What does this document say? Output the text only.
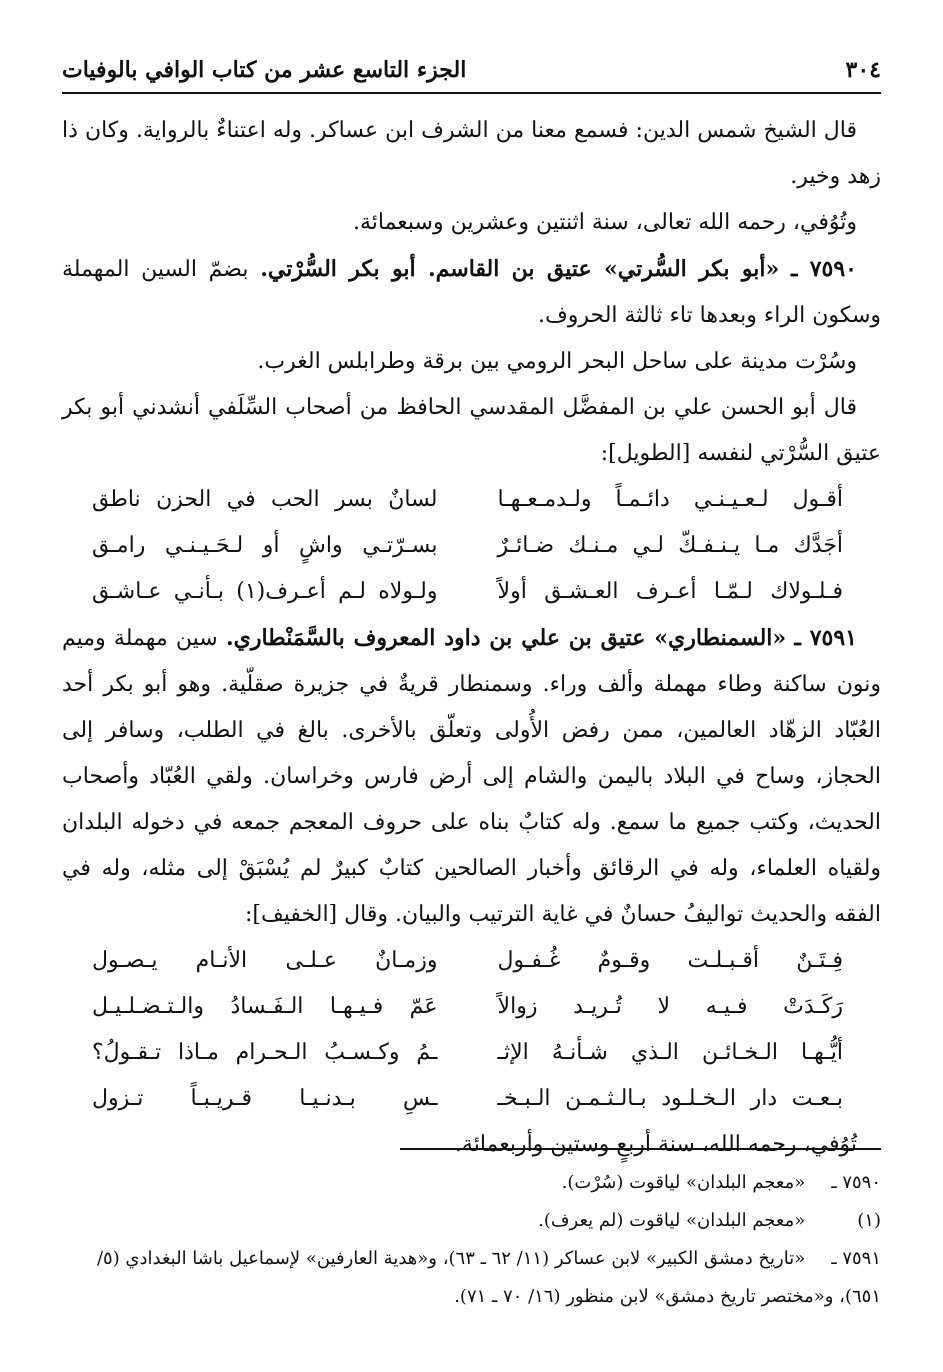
٣٠٤
الجزء التاسع عشر من كتاب الوافي بالوفيات

قال الشيخ شمس الدين: فسمع معنا من الشرف ابن عساكر. وله اعتناءٌ بالرواية. وكان ذا زهد وخير.

وتُوُفي، رحمه الله تعالى، سنة اثنتين وعشرين وسبعمائة.

٧٥٩٠ ـ «أبو بكر السُّرتي» عتيق بن القاسم. أبو بكر السُّرْتي. بضمّ السين المهملة وسكون الراء وبعدها تاء ثالثة الحروف.

وسُرْت مدينة على ساحل البحر الرومي بين برقة وطرابلس الغرب.

قال أبو الحسن علي بن المفضَّل المقدسي الحافظ من أصحاب السِّلَفي أنشدني أبو بكر عتيق السُّرْتي لنفسه [الطويل]:

أقـول لـعـيـنـي دائـمـاً ولـدمـعـهـا
لسانٌ بسر الحب في الحزن ناطق
أجَدَّك مـا يـنـفـكّ لـي مـنـك ضـائـرٌ
بسـرّتـي واشٍ أو لـحَـيـنـي رامـق
فـلـولاك لـمّـا أعـرف العـشـق أولاً
ولـولاه لـم أعـرف(١) بـأنـي عـاشـق

٧٥٩١ ـ «السمنطاري» عتيق بن علي بن داود المعروف بالسَّمَنْطاري. سين مهملة وميم ونون ساكنة وطاء مهملة وألف وراء. وسمنطار قريةٌ في جزيرة صقلّية. وهو أبو بكر أحد العُبّاد الزهّاد العالمين، ممن رفض الأُولى وتعلّق بالأخرى. بالغ في الطلب، وسافر إلى الحجاز، وساح في البلاد باليمن والشام إلى أرض فارس وخراسان. ولقي العُبّاد وأصحاب الحديث، وكتب جميع ما سمع. وله كتابٌ بناه على حروف المعجم جمعه في دخوله البلدان ولقياه العلماء، وله في الرقائق وأخبار الصالحين كتابٌ كبيرٌ لم يُسْبَقْ إلى مثله، وله في الفقه والحديث تواليفُ حسانٌ في غاية الترتيب والبيان. وقال [الخفيف]:

فِـتَـنٌ أقـبـلـت وقـومٌ غُـفـول
وزمـانٌ عـلـى الأنـام يـصـول
رَكَـدَتْ فـيـه لا تُـريـد زوالاً
عَمّ فـيـهـا الـفَـسادُ والـتـضـلـيـل
أيُّـهـا الـخـائـن الـذي شـأنـهُ الإثـ
ـمُ وكـسـبُ الـحـرام مـاذا تـقـولُ؟
بـعـت دار الـخـلـود بـالـثـمـن الـبـخـ
ـسِ بـدنـيـا قـريـبـاً تـزول

تُوُفي، رحمه الله، سنة أربعٍ وستين وأربعمائة.

٧٥٩٠ ـ «معجم البلدان» لياقوت (سُرْت).

(١) «معجم البلدان» لياقوت (لم يعرف).

٧٥٩١ ـ «تاريخ دمشق الكبير» لابن عساكر (١١/ ٦٢ ـ ٦٣)، و«هدية العارفين» لإسماعيل باشا البغدادي (٥/ ٦٥١)، و«مختصر تاريخ دمشق» لابن منظور (١٦/ ٧٠ ـ ٧١).
